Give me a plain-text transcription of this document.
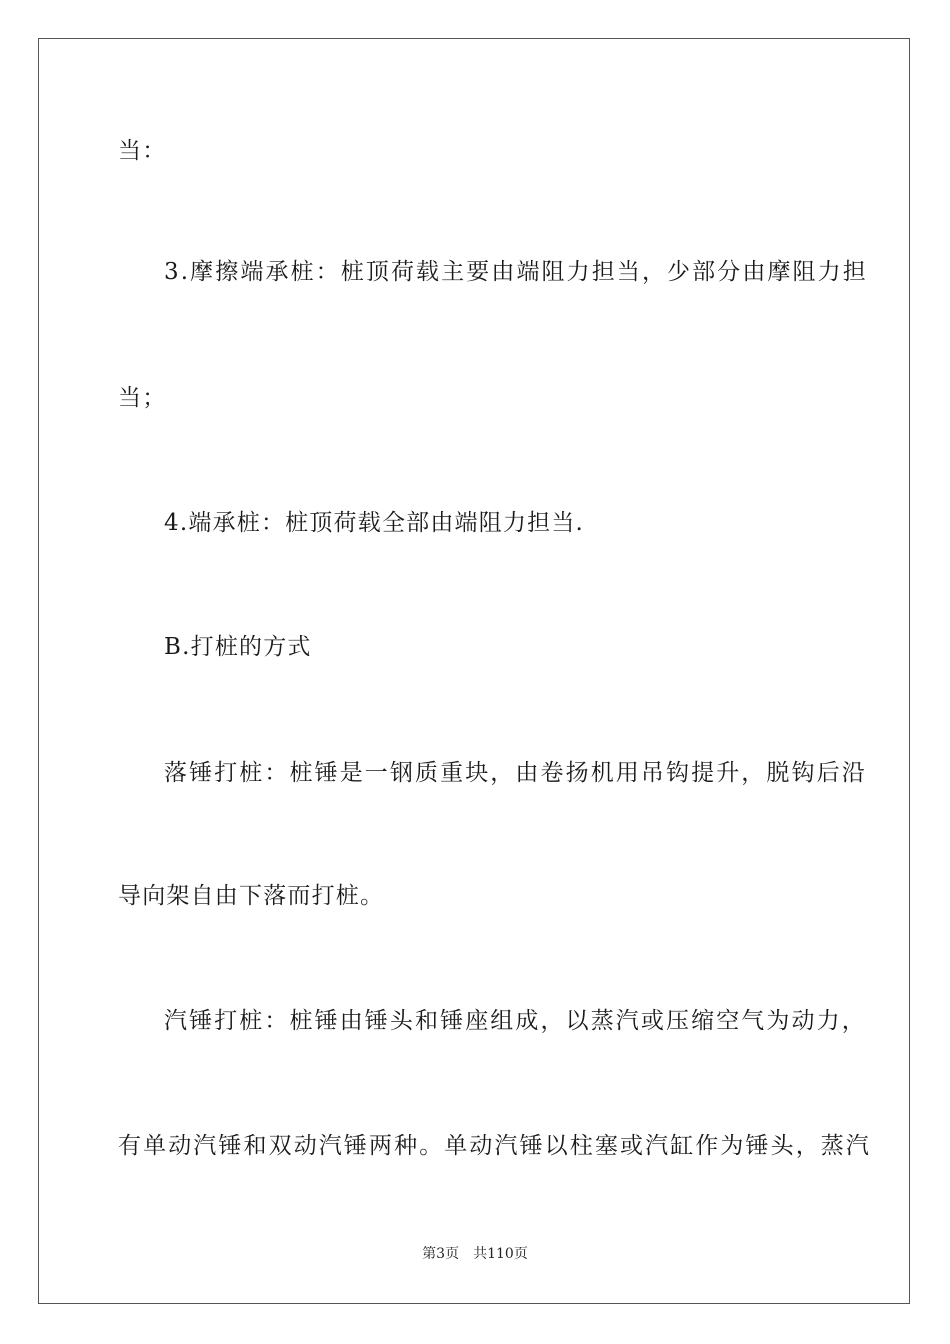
当：
3.摩擦端承桩：桩顶荷载主要由端阻力担当，少部分由摩阻力担
当；
4.端承桩：桩顶荷载全部由端阻力担当.
B.打桩的方式
落锤打桩：桩锤是一钢质重块，由卷扬机用吊钩提升，脱钩后沿
导向架自由下落而打桩。
汽锤打桩：桩锤由锤头和锤座组成，以蒸汽或压缩空气为动力，
有单动汽锤和双动汽锤两种。单动汽锤以柱塞或汽缸作为锤头，蒸汽
第3页 共110页
